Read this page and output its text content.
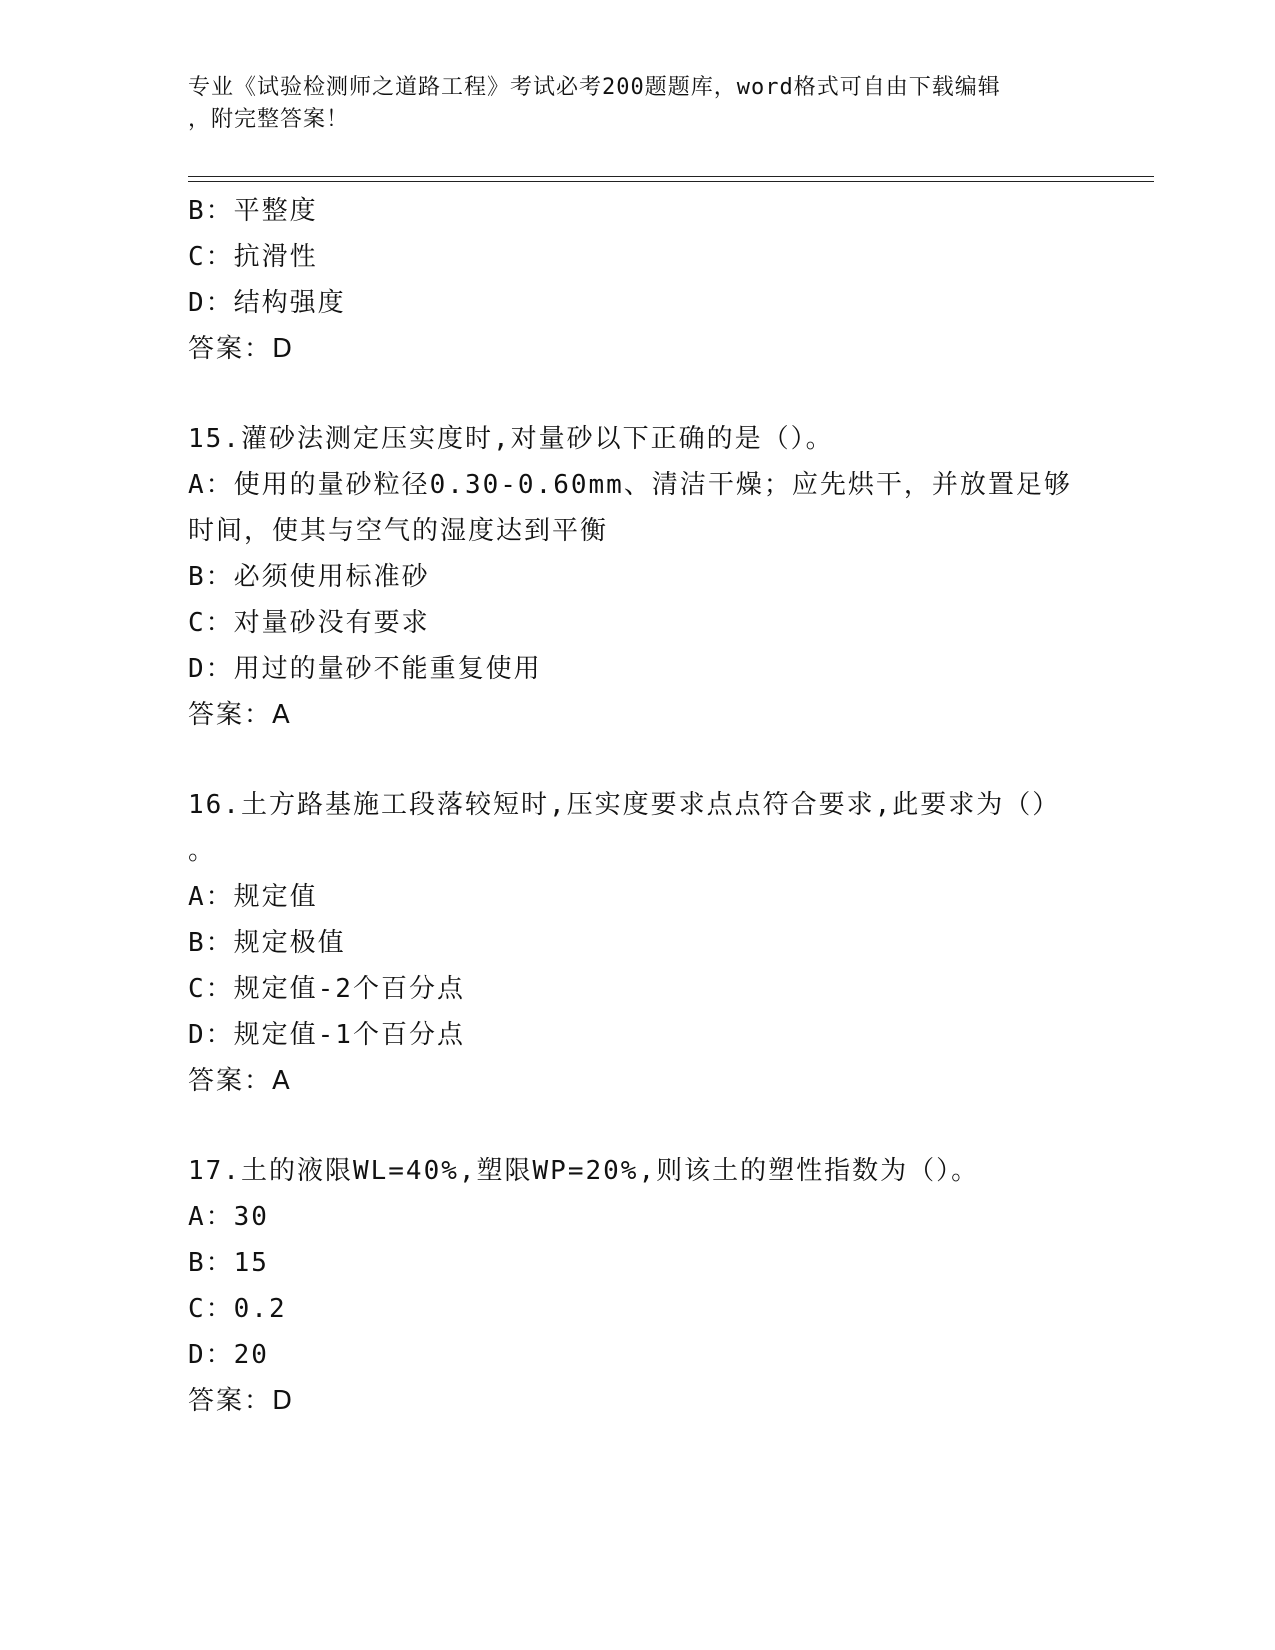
专业《试验检测师之道路工程》考试必考200题题库，word格式可自由下载编辑
，附完整答案！
B：平整度
C：抗滑性
D：结构强度
答案：D
15.灌砂法测定压实度时,对量砂以下正确的是（）。
A：使用的量砂粒径0.30-0.60mm、清洁干燥；应先烘干，并放置足够
时间，使其与空气的湿度达到平衡
B：必须使用标准砂
C：对量砂没有要求
D：用过的量砂不能重复使用
答案：A
16.土方路基施工段落较短时,压实度要求点点符合要求,此要求为（）
。
A：规定值
B：规定极值
C：规定值-2个百分点
D：规定值-1个百分点
答案：A
17.土的液限WL=40%,塑限WP=20%,则该土的塑性指数为（）。
A：30
B：15
C：0.2
D：20
答案：D
